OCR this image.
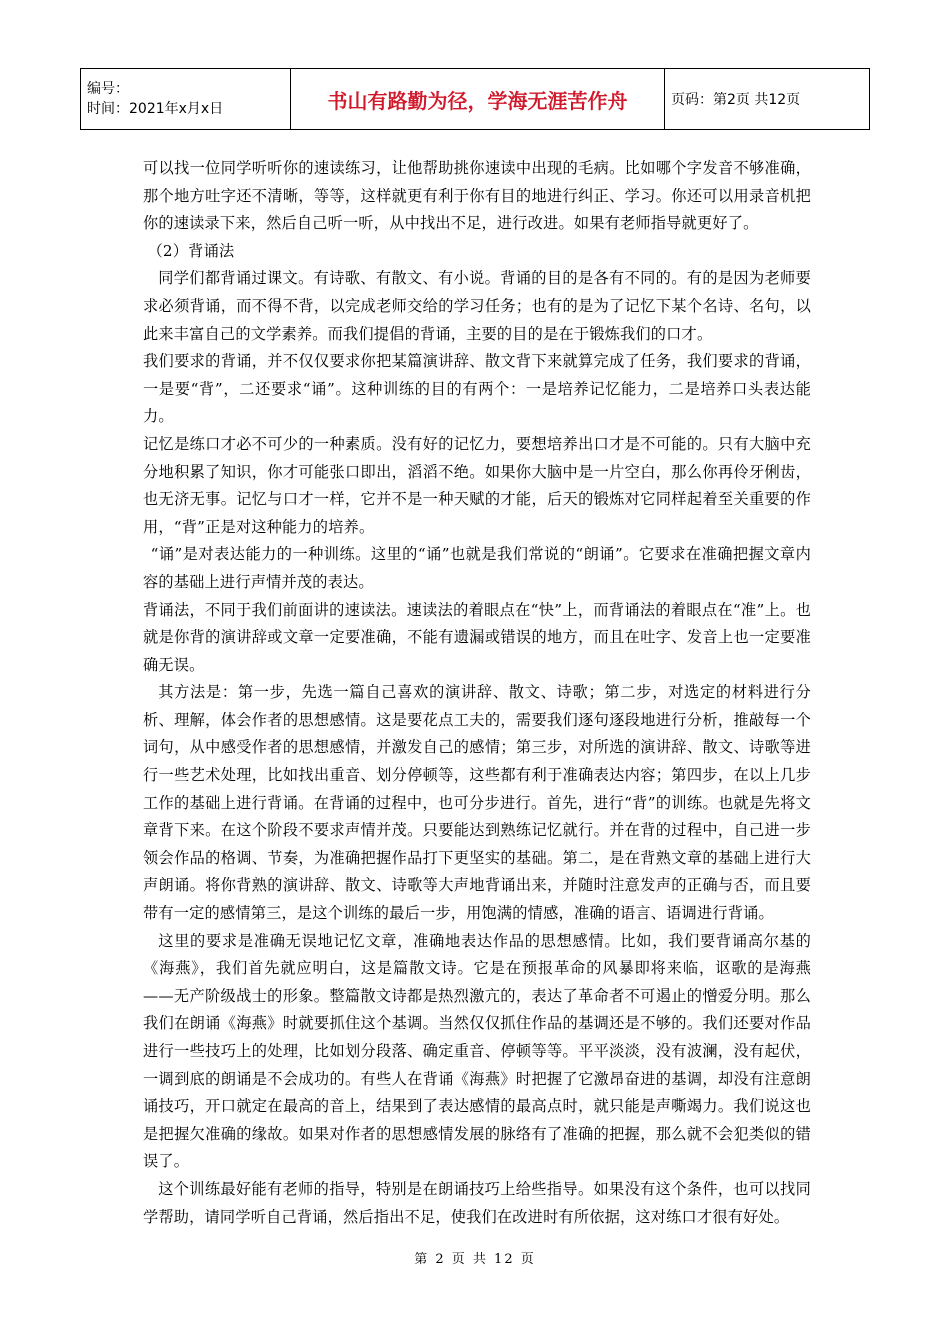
编号：
时间：2021年x月x日	书山有路勤为径，学海无涯苦作舟	页码：第2页 共12页

可以找一位同学听听你的速读练习，让他帮助挑你速读中出现的毛病。比如哪个字发音不够准确，那个地方吐字还不清晰，等等，这样就更有利于你有目的地进行纠正、学习。你还可以用录音机把你的速读录下来，然后自己听一听，从中找出不足，进行改进。如果有老师指导就更好了。

（2）背诵法

同学们都背诵过课文。有诗歌、有散文、有小说。背诵的目的是各有不同的。有的是因为老师要求必须背诵，而不得不背，以完成老师交给的学习任务；也有的是为了记忆下某个名诗、名句，以此来丰富自己的文学素养。而我们提倡的背诵，主要的目的是在于锻炼我们的口才。

我们要求的背诵，并不仅仅要求你把某篇演讲辞、散文背下来就算完成了任务，我们要求的背诵，一是要“背”，二还要求“诵”。这种训练的目的有两个：一是培养记忆能力，二是培养口头表达能力。

记忆是练口才必不可少的一种素质。没有好的记忆力，要想培养出口才是不可能的。只有大脑中充分地积累了知识，你才可能张口即出，滔滔不绝。如果你大脑中是一片空白，那么你再伶牙俐齿，也无济无事。记忆与口才一样，它并不是一种天赋的才能，后天的锻炼对它同样起着至关重要的作用，“背”正是对这种能力的培养。

“诵”是对表达能力的一种训练。这里的“诵”也就是我们常说的“朗诵”。它要求在准确把握文章内容的基础上进行声情并茂的表达。

背诵法，不同于我们前面讲的速读法。速读法的着眼点在“快”上，而背诵法的着眼点在“准”上。也就是你背的演讲辞或文章一定要准确，不能有遗漏或错误的地方，而且在吐字、发音上也一定要准确无误。

其方法是：第一步，先选一篇自己喜欢的演讲辞、散文、诗歌；第二步，对选定的材料进行分析、理解，体会作者的思想感情。这是要花点工夫的，需要我们逐句逐段地进行分析，推敲每一个词句，从中感受作者的思想感情，并激发自己的感情；第三步，对所选的演讲辞、散文、诗歌等进行一些艺术处理，比如找出重音、划分停顿等，这些都有利于准确表达内容；第四步，在以上几步工作的基础上进行背诵。在背诵的过程中，也可分步进行。首先，进行“背”的训练。也就是先将文章背下来。在这个阶段不要求声情并茂。只要能达到熟练记忆就行。并在背的过程中，自己进一步领会作品的格调、节奏，为准确把握作品打下更坚实的基础。第二，是在背熟文章的基础上进行大声朗诵。将你背熟的演讲辞、散文、诗歌等大声地背诵出来，并随时注意发声的正确与否，而且要带有一定的感情第三，是这个训练的最后一步，用饱满的情感，准确的语言、语调进行背诵。

这里的要求是准确无误地记忆文章，准确地表达作品的思想感情。比如，我们要背诵高尔基的《海燕》，我们首先就应明白，这是篇散文诗。它是在预报革命的风暴即将来临，讴歌的是海燕——无产阶级战士的形象。整篇散文诗都是热烈激亢的，表达了革命者不可遏止的憎爱分明。那么我们在朗诵《海燕》时就要抓住这个基调。当然仅仅抓住作品的基调还是不够的。我们还要对作品进行一些技巧上的处理，比如划分段落、确定重音、停顿等等。平平淡淡，没有波澜，没有起伏，一调到底的朗诵是不会成功的。有些人在背诵《海燕》时把握了它激昂奋进的基调，却没有注意朗诵技巧，开口就定在最高的音上，结果到了表达感情的最高点时，就只能是声嘶竭力。我们说这也是把握欠准确的缘故。如果对作者的思想感情发展的脉络有了准确的把握，那么就不会犯类似的错误了。

这个训练最好能有老师的指导，特别是在朗诵技巧上给些指导。如果没有这个条件，也可以找同学帮助，请同学听自己背诵，然后指出不足，使我们在改进时有所依据，这对练口才很有好处。

第 2 页 共 12 页
